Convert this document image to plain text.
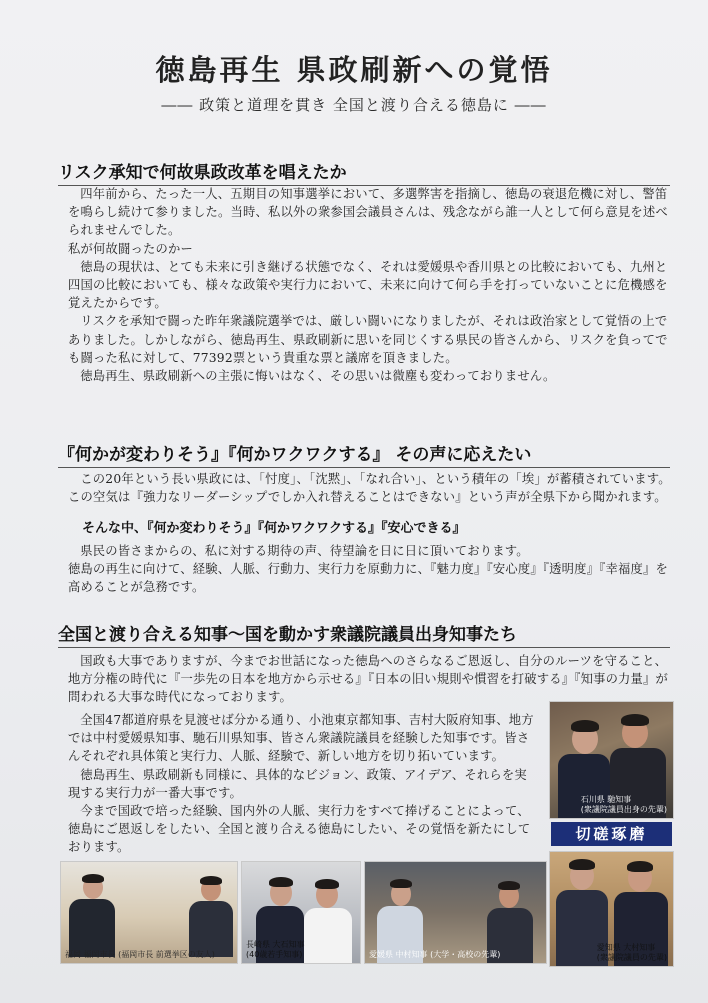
徳島再生 県政刷新への覚悟
―― 政策と道理を貫き 全国と渡り合える徳島に ――
リスク承知で何故県政改革を唱えたか

四年前から、たった一人、五期目の知事選挙において、多選弊害を指摘し、徳島の衰退危機に対し、警笛を鳴らし続けて参りました。当時、私以外の衆参国会議員さんは、残念ながら誰一人として何ら意見を述べられませんでした。

私が何故闘ったのかー

徳島の現状は、とても未来に引き継げる状態でなく、それは愛媛県や香川県との比較においても、九州と四国の比較においても、様々な政策や実行力において、未来に向けて何ら手を打っていないことに危機感を覚えたからです。

リスクを承知で闘った昨年衆議院選挙では、厳しい闘いになりましたが、それは政治家として覚悟の上でありました。しかしながら、徳島再生、県政刷新に思いを同じくする県民の皆さんから、リスクを負ってでも闘った私に対して、77392票という貴重な票と議席を頂きました。

徳島再生、県政刷新への主張に悔いはなく、その思いは微塵も変わっておりません。

『何かが変わりそう』『何かワクワクする』 その声に応えたい

この20年という長い県政には、「忖度」、「沈黙」、「なれ合い」、という積年の「埃」が蓄積されています。この空気は『強力なリーダーシップでしか入れ替えることはできない』という声が全県下から聞かれます。

そんな中、『何か変わりそう』『何かワクワクする』『安心できる』

県民の皆さまからの、私に対する期待の声、待望論を日に日に頂いております。

徳島の再生に向けて、経験、人脈、行動力、実行力を原動力に、『魅力度』『安心度』『透明度』『幸福度』を高めることが急務です。

全国と渡り合える知事～国を動かす衆議院議員出身知事たち

国政も大事でありますが、今までお世話になった徳島へのさらなるご恩返し、自分のルーツを守ること、地方分権の時代に『一歩先の日本を地方から示せる』『日本の旧い規則や慣習を打破する』『知事の力量』が問われる大事な時代になっております。

全国47都道府県を見渡せば分かる通り、小池東京都知事、吉村大阪府知事、地方では中村愛媛県知事、馳石川県知事、皆さん衆議院議員を経験した知事です。皆さんそれぞれ具体策と実行力、人脈、経験で、新しい地方を切り拓いています。

徳島再生、県政刷新も同様に、具体的なビジョン、政策、アイデア、それらを実現する実行力が一番大事です。

今まで国政で培った経験、国内外の人脈、実行力をすべて捧げることによって、徳島にご恩返しをしたい、全国と渡り合える徳島にしたい、その覚悟を新たにしております。

石川県 馳知事
(衆議院議員出身の先輩)
切磋琢磨
愛知県 大村知事
(衆議院議員の先輩)
福岡 福岡市長 (福岡市長 前選挙区の友人)
長崎県 大石知事
(40歳若手知事)	愛媛県 中村知事 (大学・高校の先輩)
